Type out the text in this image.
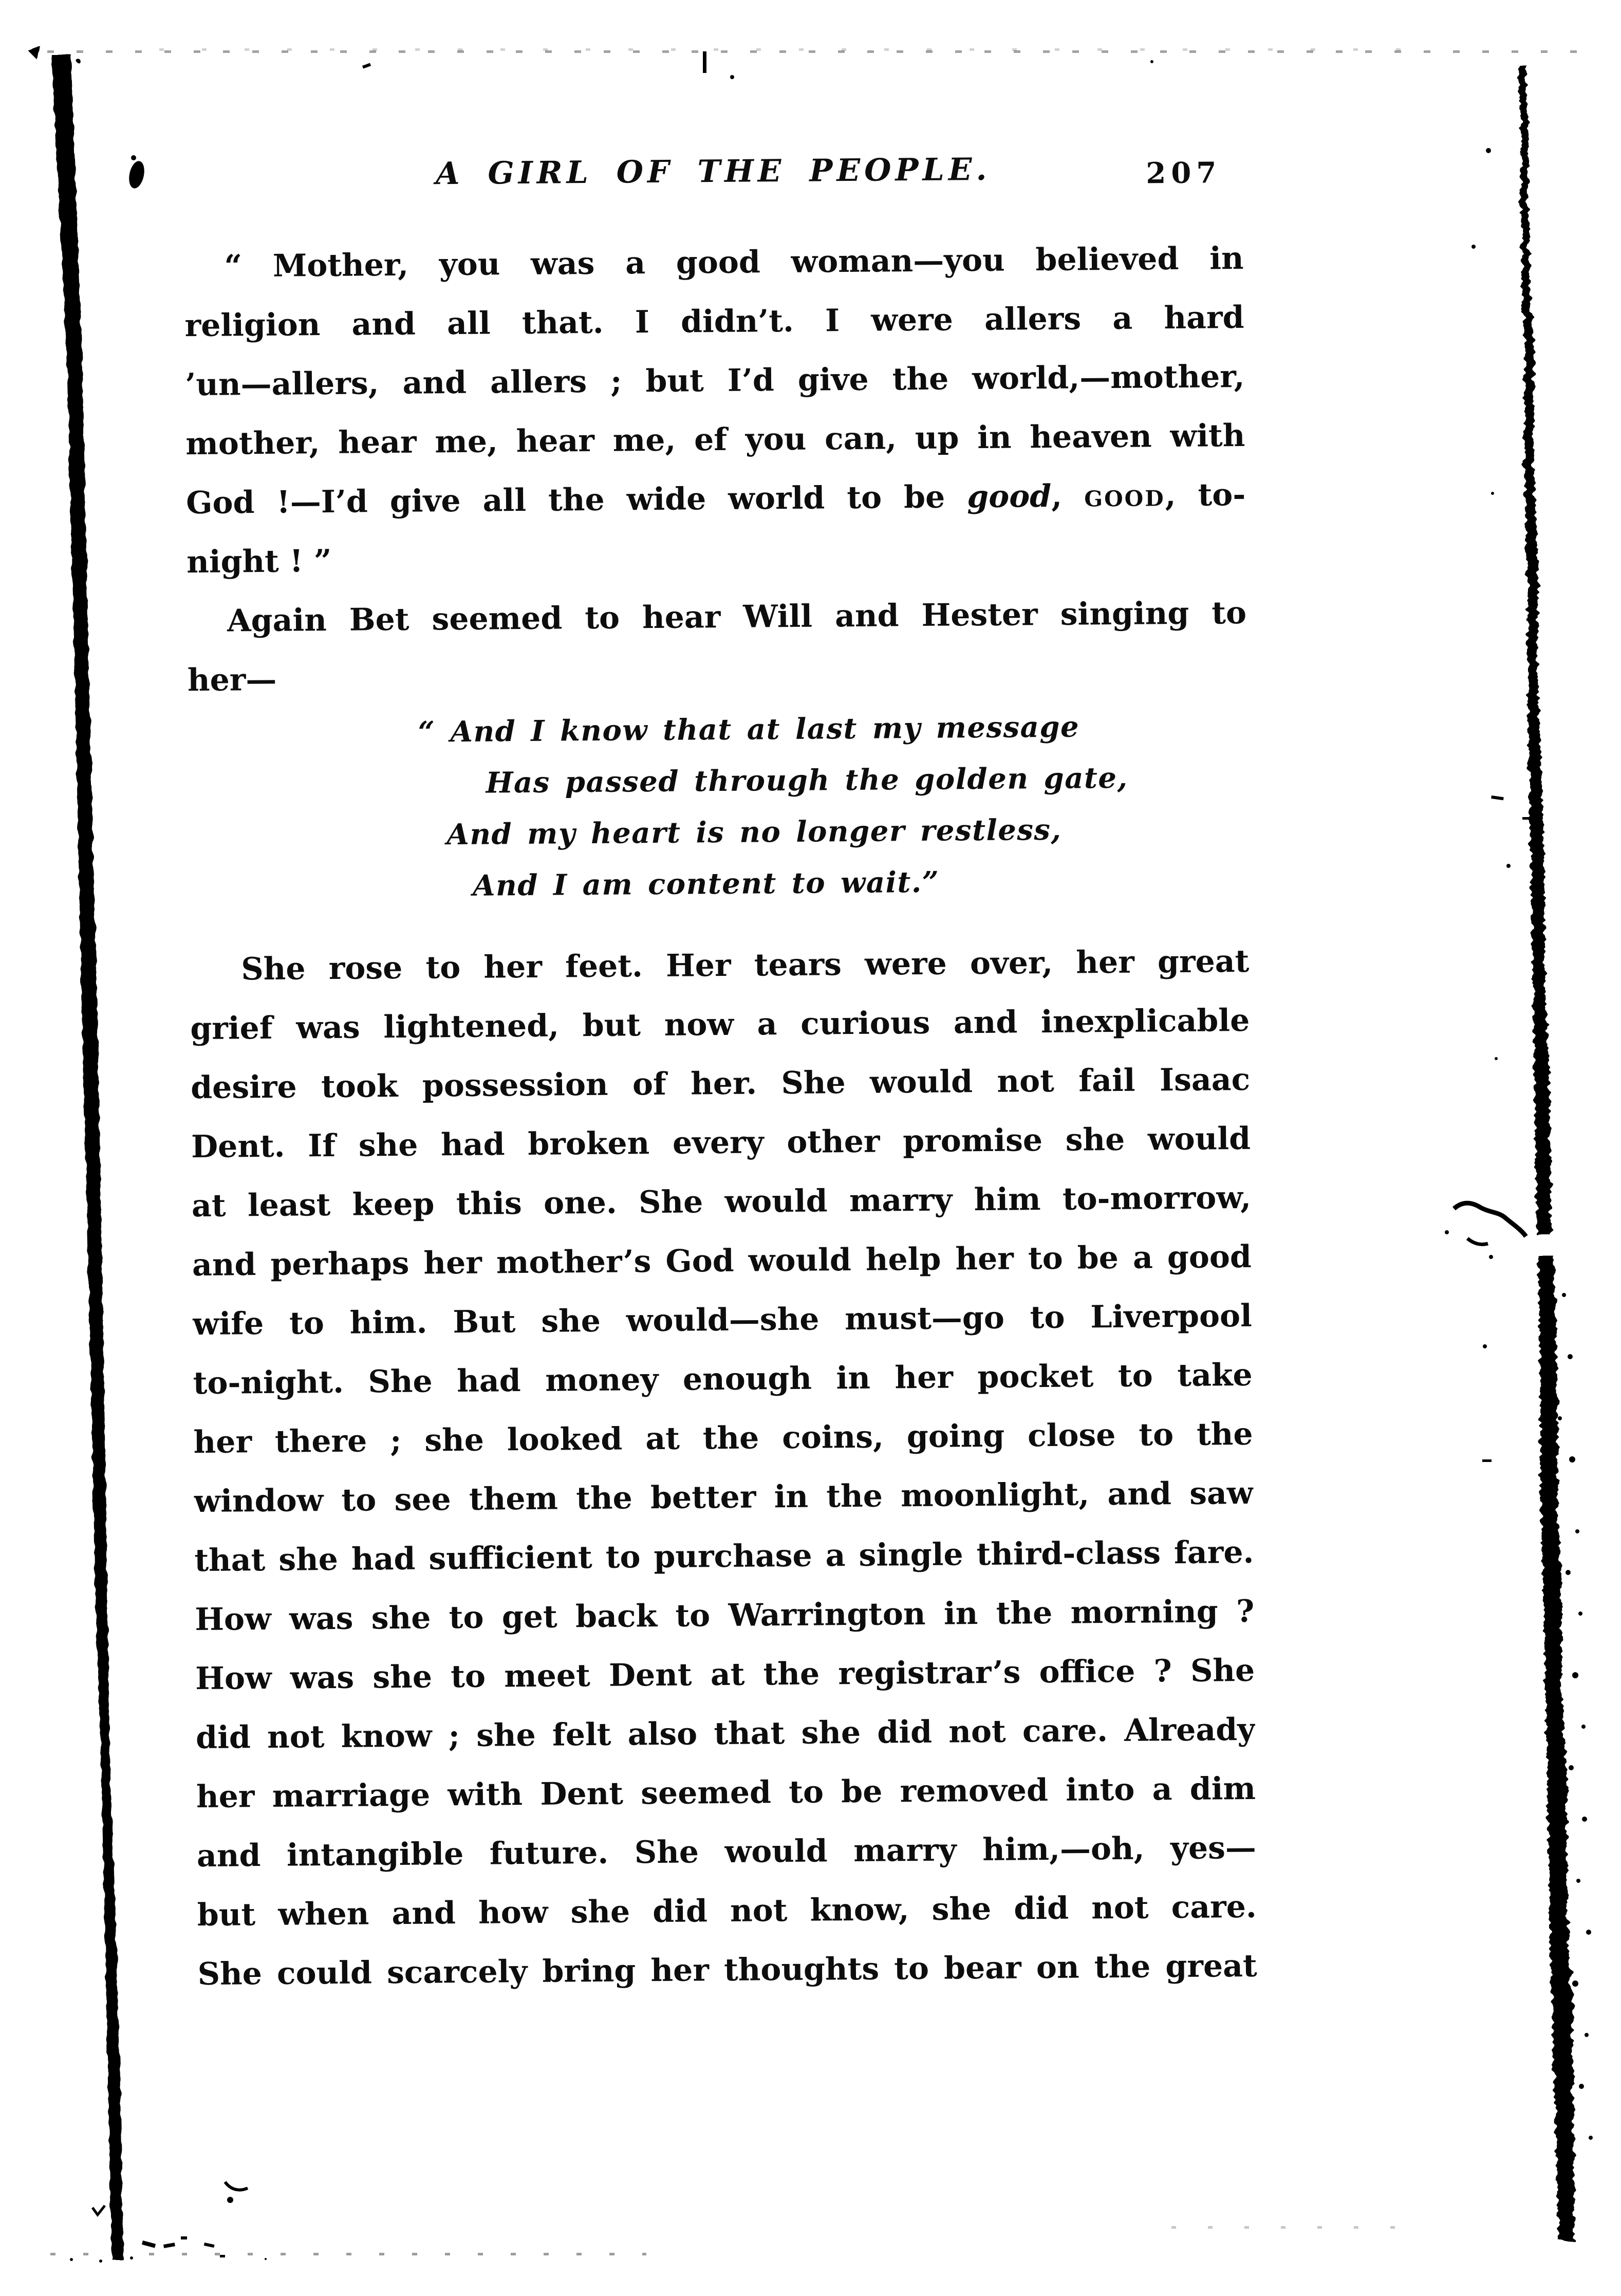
A GIRL OF THE PEOPLE.	207
“ Mother, you was a good woman—you believed in
religion and all that. I didn’t. I were allers a hard
’un—allers, and allers ; but I’d give the world,—mother,
mother, hear me, hear me, ef you can, up in heaven with
God !—I’d give all the wide world to be good, good, to-
night ! ”
Again Bet seemed to hear Will and Hester singing to
her—
“ And I know that at last my message
Has passed through the golden gate,
And my heart is no longer restless,
And I am content to wait.”
She rose to her feet. Her tears were over, her great
grief was lightened, but now a curious and inexplicable
desire took possession of her. She would not fail Isaac
Dent. If she had broken every other promise she would
at least keep this one. She would marry him to-morrow,
and perhaps her mother’s God would help her to be a good
wife to him. But she would—she must—go to Liverpool
to-night. She had money enough in her pocket to take
her there ; she looked at the coins, going close to the
window to see them the better in the moonlight, and saw
that she had sufficient to purchase a single third-class fare.
How was she to get back to Warrington in the morning ?
How was she to meet Dent at the registrar’s office ? She
did not know ; she felt also that she did not care. Already
her marriage with Dent seemed to be removed into a dim
and intangible future. She would marry him,—oh, yes—
but when and how she did not know, she did not care.
She could scarcely bring her thoughts to bear on the great
